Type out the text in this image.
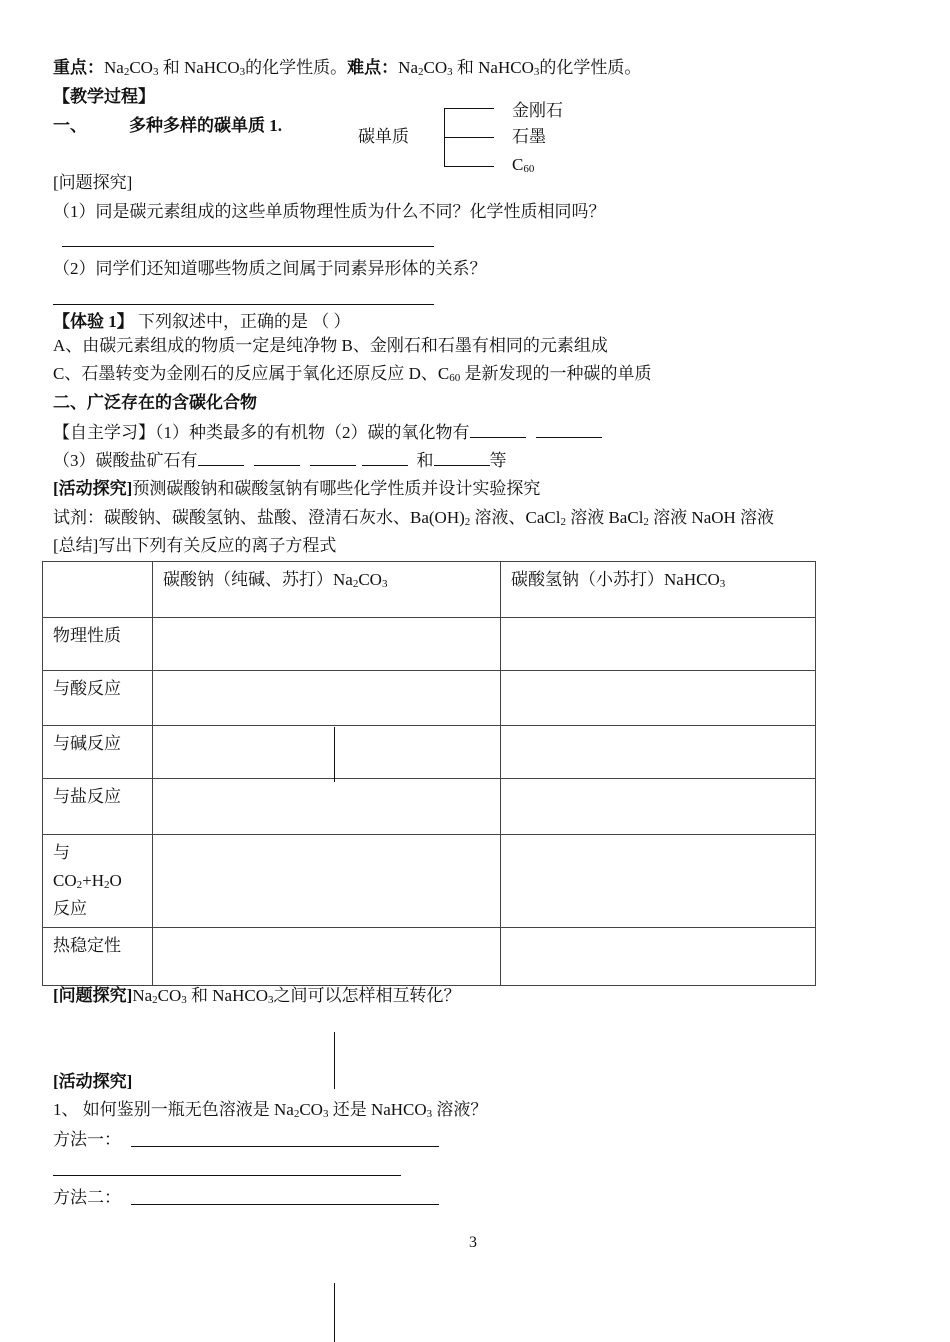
重点：$Na_2CO_3$ 和 NaHCO$_3$的化学性质。难点：$Na_2CO_3$ 和 NaHCO$_3$的化学性质。
【教学过程】
一、 多种多样的碳单质 1.
碳单质
金刚石
石墨
$C_{60}$
[问题探究]
（1）同是碳元素组成的这些单质物理性质为什么不同？化学性质相同吗？
（2）同学们还知道哪些物质之间属于同素异形体的关系？
【体验 1】 下列叙述中，正确的是 （ ）
A、由碳元素组成的物质一定是纯净物 B、金刚石和石墨有相同的元素组成
C、石墨转变为金刚石的反应属于氧化还原反应 D、$C_{60}$ 是新发现的一种碳的单质
二、广泛存在的含碳化合物
【自主学习】（1）种类最多的有机物（2）碳的氧化物有
（3）碳酸盐矿石有	和	等
[活动探究]预测碳酸钠和碳酸氢钠有哪些化学性质并设计实验探究
试剂：碳酸钠、碳酸氢钠、盐酸、澄清石灰水、$Ba(OH)_2$ 溶液、CaCl$_2$ 溶液 BaCl$_2$ 溶液 NaOH 溶液
[总结]写出下列有关反应的离子方程式
	碳酸钠（纯碱、苏打）$Na_2CO_3$	碳酸氢钠（小苏打）NaHCO$_3$
物理性质		
与酸反应		
与碱反应		
与盐反应		

与
$CO_2+H_2O$
反应		

热稳定性		
[问题探究]$Na_2CO_3$ 和 NaHCO$_3$之间可以怎样相互转化？
[活动探究]
1、 如何鉴别一瓶无色溶液是 $Na_2CO_3$ 还是 NaHCO$_3$ 溶液？
方法一：
方法二：
3
